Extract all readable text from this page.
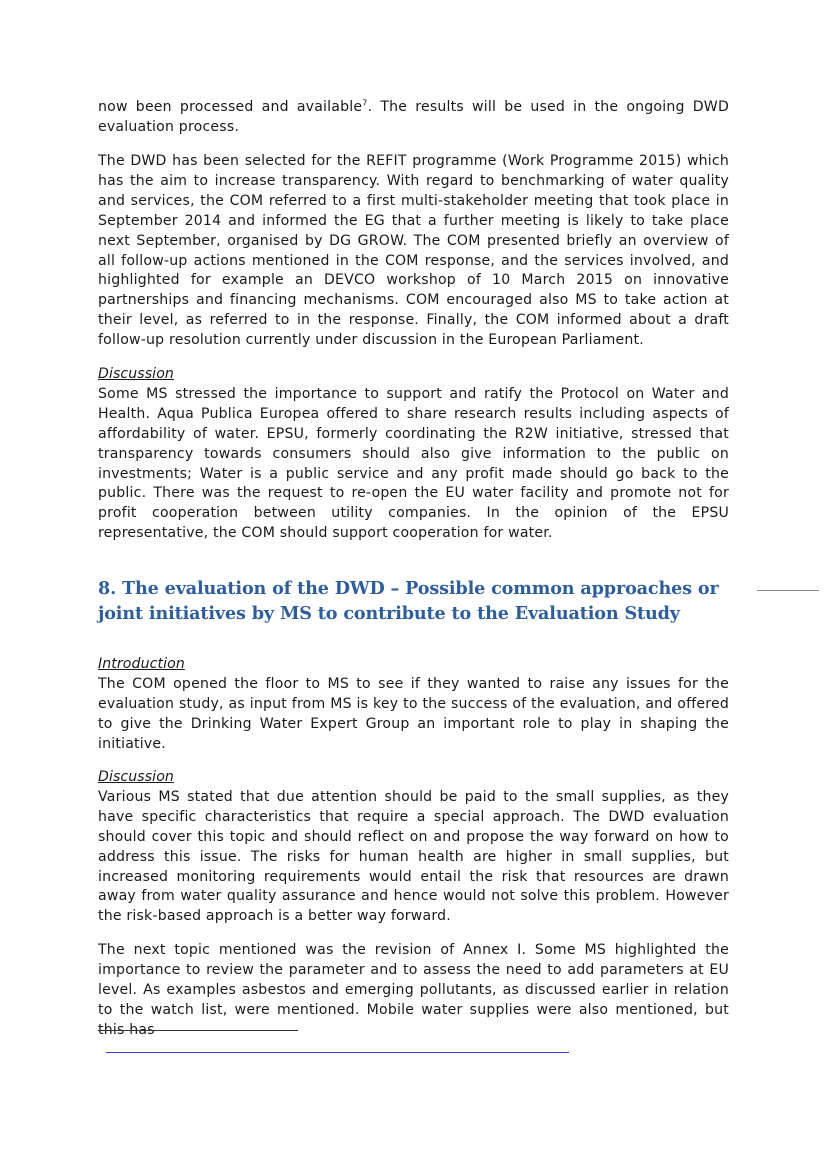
now been processed and available$^7$. The results will be used in the ongoing DWD evaluation process.

The DWD has been selected for the REFIT programme (Work Programme 2015) which has the aim to increase transparency. With regard to benchmarking of water quality and services, the COM referred to a first multi-stakeholder meeting that took place in September 2014 and informed the EG that a further meeting is likely to take place next September, organised by DG GROW. The COM presented briefly an overview of all follow-up actions mentioned in the COM response, and the services involved, and highlighted for example an DEVCO workshop of 10 March 2015 on innovative partnerships and financing mechanisms. COM encouraged also MS to take action at their level, as referred to in the response. Finally, the COM informed about a draft follow-up resolution currently under discussion in the European Parliament.

Discussion

Some MS stressed the importance to support and ratify the Protocol on Water and Health. Aqua Publica Europea offered to share research results including aspects of affordability of water. EPSU, formerly coordinating the R2W initiative, stressed that transparency towards consumers should also give information to the public on investments; Water is a public service and any profit made should go back to the public. There was the request to re-open the EU water facility and promote not for profit cooperation between utility companies. In the opinion of the EPSU representative, the COM should support cooperation for water.

8. The evaluation of the DWD – Possible common approaches or joint initiatives by MS to contribute to the Evaluation Study
Introduction

The COM opened the floor to MS to see if they wanted to raise any issues for the evaluation study, as input from MS is key to the success of the evaluation, and offered to give the Drinking Water Expert Group an important role to play in shaping the initiative.

Discussion

Various MS stated that due attention should be paid to the small supplies, as they have specific characteristics that require a special approach. The DWD evaluation should cover this topic and should reflect on and propose the way forward on how to address this issue. The risks for human health are higher in small supplies, but increased monitoring requirements would entail the risk that resources are drawn away from water quality assurance and hence would not solve this problem. However the risk-based approach is a better way forward.

The next topic mentioned was the revision of Annex I. Some MS highlighted the importance to review the parameter and to assess the need to add parameters at EU level. As examples asbestos and emerging pollutants, as discussed earlier in relation to the watch list, were mentioned. Mobile water supplies were also mentioned, but this has
